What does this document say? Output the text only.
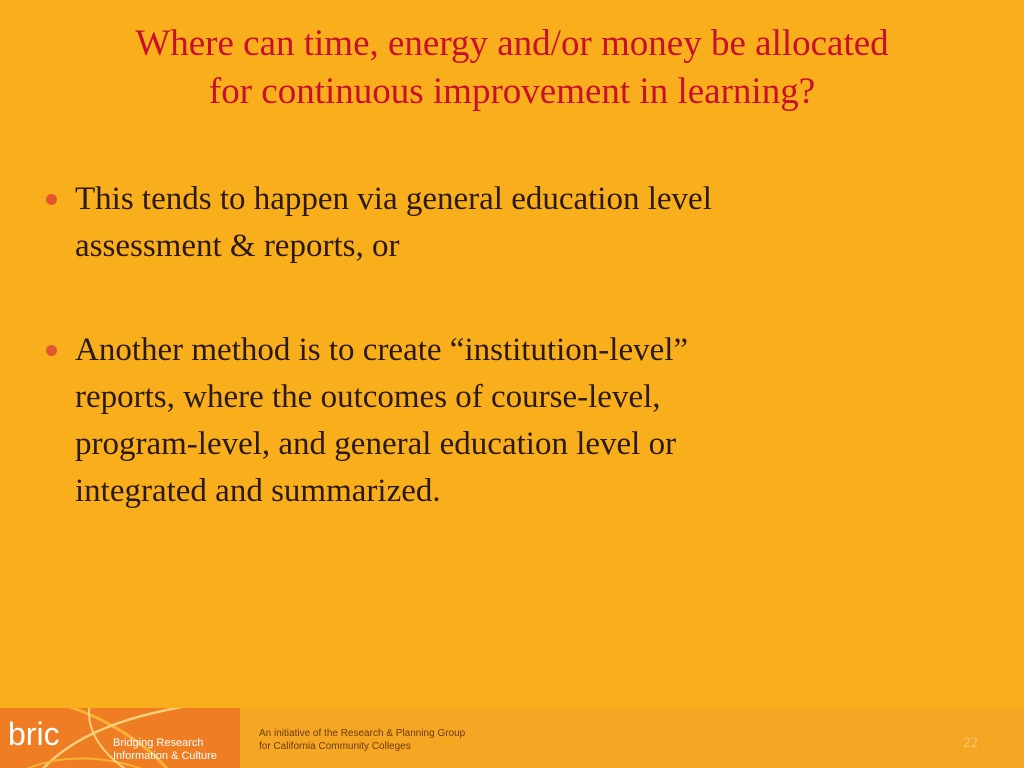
Where can time, energy and/or money be allocated
for continuous improvement in learning?
This tends to happen via general education level
assessment & reports, or
Another method is to create “institution-level”
reports, where the outcomes of course-level,
program-level, and general education level or
integrated and summarized.
bric	Bridging Research
Information & Culture
An initiative of the Research & Planning Group
for California Community Colleges	22
